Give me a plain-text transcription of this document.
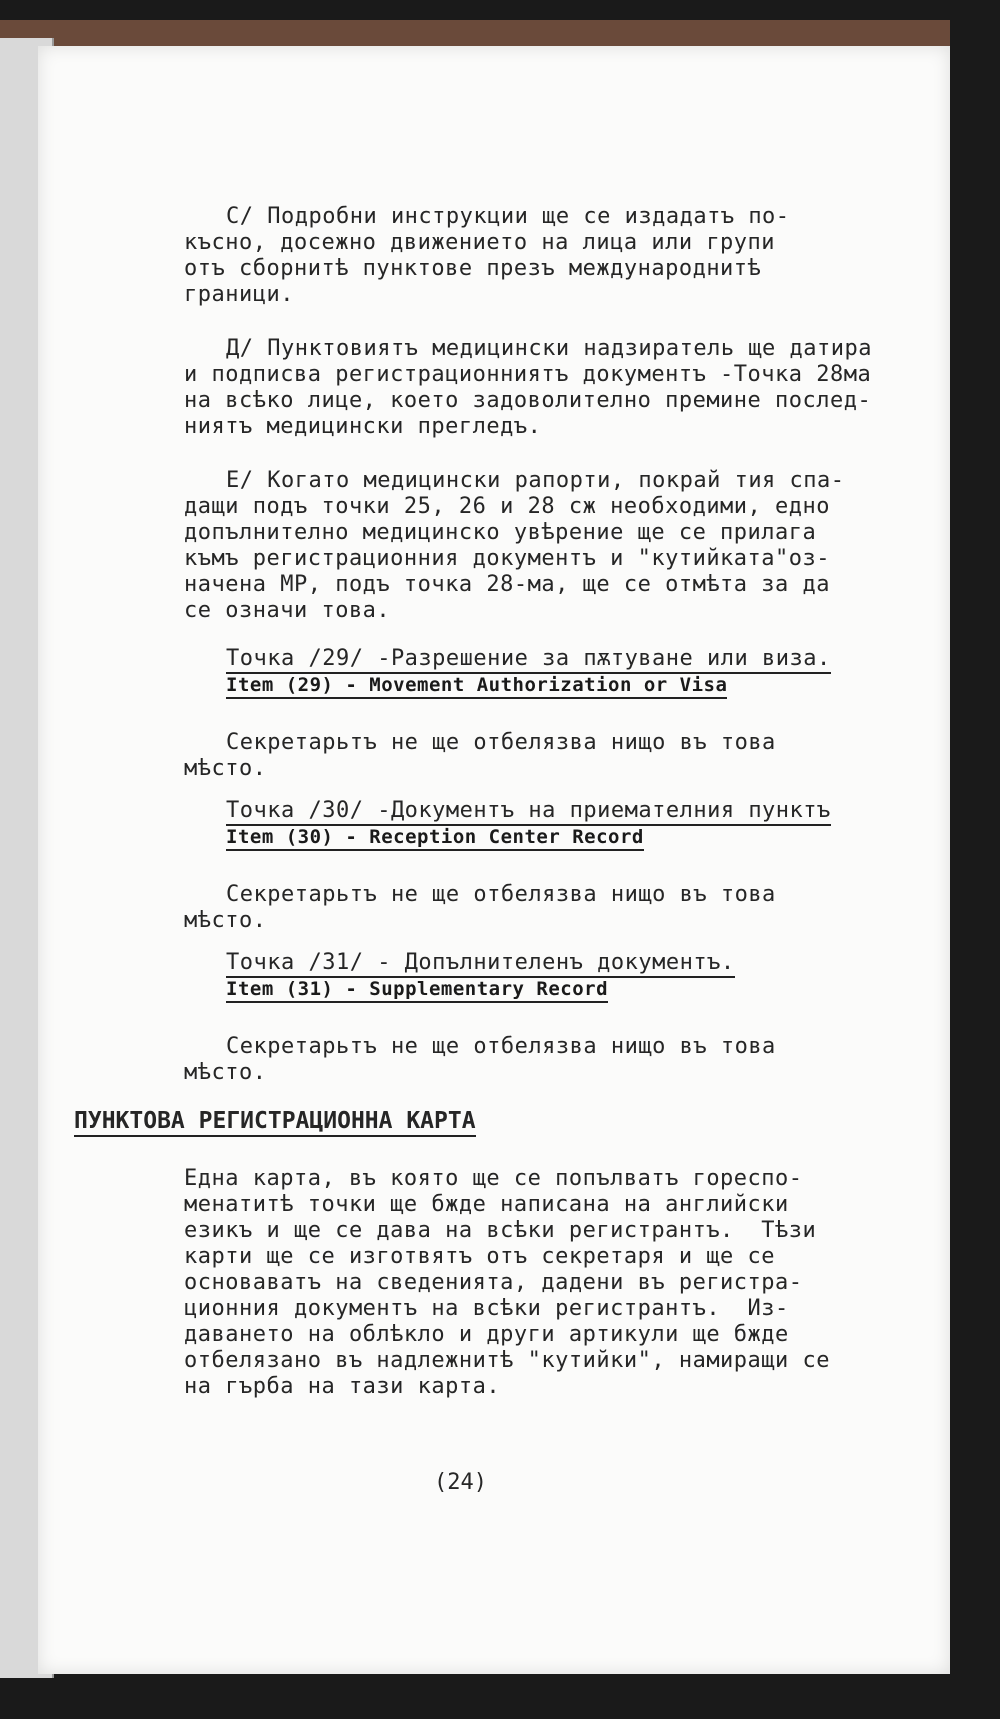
С/ Подробни инструкции ще се издадатъ по-
късно, досежно движението на лица или групи
отъ сборнитѣ пунктове презъ международнитѣ
граници.
Д/ Пунктовиятъ медицински надзиратель ще датира
и подписва регистрационниятъ документъ -Точка 28ма
на всѣко лице, което задоволително премине послед-
ниятъ медицински прегледъ.
Е/ Когато медицински рапорти, покрай тия спа-
дащи подъ точки 25, 26 и 28 сж необходими, едно
допълнително медицинско увѣрение ще се прилага
къмъ регистрационния документъ и "кутийката"оз-
начена МР, подъ точка 28-ма, ще се отмѣта за да
се означи това.
Точка /29/ -Разрешение за пѫтуване или виза.
Item (29) - Movement Authorization or Visa
Секретарьтъ не ще отбелязва нищо въ това
мѣсто.
Точка /30/ -Документъ на приемателния пунктъ
Item (30) - Reception Center Record
Секретарьтъ не ще отбелязва нищо въ това
мѣсто.
Точка /31/ - Допълнителенъ документъ.
Item (31) - Supplementary Record
Секретарьтъ не ще отбелязва нищо въ това
мѣсто.
ПУНКТОВА РЕГИСТРАЦИОННА КАРТА
Една карта, въ която ще се попълватъ гореспо-
менатитѣ точки ще бжде написана на английски
езикъ и ще се дава на всѣки регистрантъ.  Тѣзи
карти ще се изготвятъ отъ секретаря и ще се
основаватъ на сведенията, дадени въ регистра-
ционния документъ на всѣки регистрантъ.  Из-
даването на облѣкло и други артикули ще бжде
отбелязано въ надлежнитѣ "кутийки", намиращи се
на гърба на тази карта.
(24)
